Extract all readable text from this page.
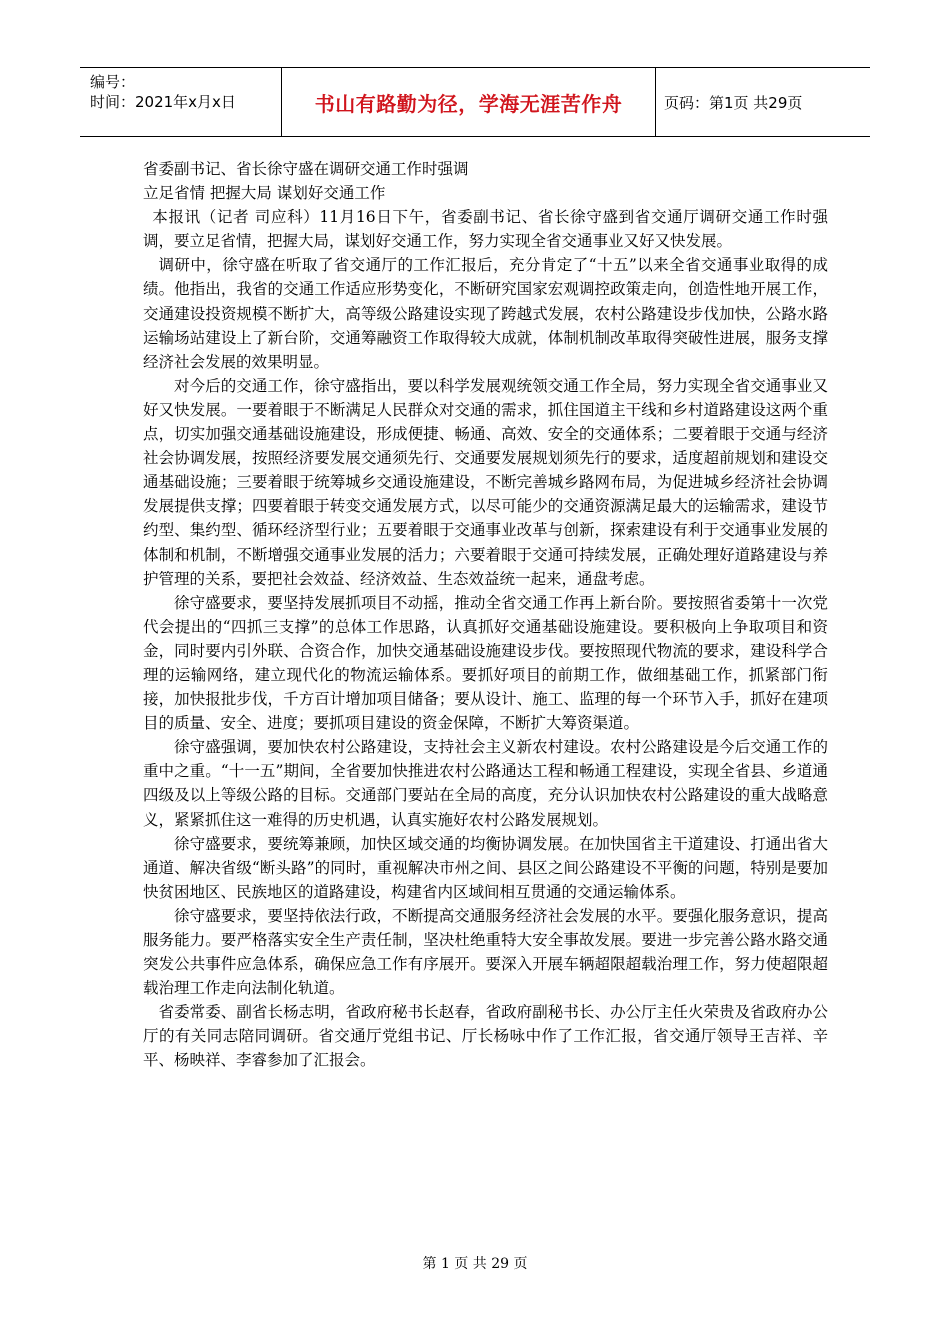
编号：
时间：2021年x月x日	书山有路勤为径，学海无涯苦作舟	页码：第1页 共29页

省委副书记、省长徐守盛在调研交通工作时强调

立足省情 把握大局 谋划好交通工作

本报讯（记者 司应科）11月16日下午，省委副书记、省长徐守盛到省交通厅调研交通工作时强调，要立足省情，把握大局，谋划好交通工作，努力实现全省交通事业又好又快发展。

调研中，徐守盛在听取了省交通厅的工作汇报后，充分肯定了“十五”以来全省交通事业取得的成绩。他指出，我省的交通工作适应形势变化，不断研究国家宏观调控政策走向，创造性地开展工作，交通建设投资规模不断扩大，高等级公路建设实现了跨越式发展，农村公路建设步伐加快，公路水路运输场站建设上了新台阶，交通筹融资工作取得较大成就，体制机制改革取得突破性进展，服务支撑经济社会发展的效果明显。

对今后的交通工作，徐守盛指出，要以科学发展观统领交通工作全局，努力实现全省交通事业又好又快发展。一要着眼于不断满足人民群众对交通的需求，抓住国道主干线和乡村道路建设这两个重点，切实加强交通基础设施建设，形成便捷、畅通、高效、安全的交通体系；二要着眼于交通与经济社会协调发展，按照经济要发展交通须先行、交通要发展规划须先行的要求，适度超前规划和建设交通基础设施；三要着眼于统筹城乡交通设施建设，不断完善城乡路网布局，为促进城乡经济社会协调发展提供支撑；四要着眼于转变交通发展方式，以尽可能少的交通资源满足最大的运输需求，建设节约型、集约型、循环经济型行业；五要着眼于交通事业改革与创新，探索建设有利于交通事业发展的体制和机制，不断增强交通事业发展的活力；六要着眼于交通可持续发展，正确处理好道路建设与养护管理的关系，要把社会效益、经济效益、生态效益统一起来，通盘考虑。

徐守盛要求，要坚持发展抓项目不动摇，推动全省交通工作再上新台阶。要按照省委第十一次党代会提出的“四抓三支撑”的总体工作思路，认真抓好交通基础设施建设。要积极向上争取项目和资金，同时要内引外联、合资合作，加快交通基础设施建设步伐。要按照现代物流的要求，建设科学合理的运输网络，建立现代化的物流运输体系。要抓好项目的前期工作，做细基础工作，抓紧部门衔接，加快报批步伐，千方百计增加项目储备；要从设计、施工、监理的每一个环节入手，抓好在建项目的质量、安全、进度；要抓项目建设的资金保障，不断扩大筹资渠道。

徐守盛强调，要加快农村公路建设，支持社会主义新农村建设。农村公路建设是今后交通工作的重中之重。“十一五”期间，全省要加快推进农村公路通达工程和畅通工程建设，实现全省县、乡道通四级及以上等级公路的目标。交通部门要站在全局的高度，充分认识加快农村公路建设的重大战略意义，紧紧抓住这一难得的历史机遇，认真实施好农村公路发展规划。

徐守盛要求，要统筹兼顾，加快区域交通的均衡协调发展。在加快国省主干道建设、打通出省大通道、解决省级“断头路”的同时，重视解决市州之间、县区之间公路建设不平衡的问题，特别是要加快贫困地区、民族地区的道路建设，构建省内区域间相互贯通的交通运输体系。

徐守盛要求，要坚持依法行政，不断提高交通服务经济社会发展的水平。要强化服务意识，提高服务能力。要严格落实安全生产责任制，坚决杜绝重特大安全事故发展。要进一步完善公路水路交通突发公共事件应急体系，确保应急工作有序展开。要深入开展车辆超限超载治理工作，努力使超限超载治理工作走向法制化轨道。

省委常委、副省长杨志明，省政府秘书长赵春，省政府副秘书长、办公厅主任火荣贵及省政府办公厅的有关同志陪同调研。省交通厅党组书记、厅长杨咏中作了工作汇报，省交通厅领导王吉祥、辛平、杨映祥、李睿参加了汇报会。

第 1 页 共 29 页
